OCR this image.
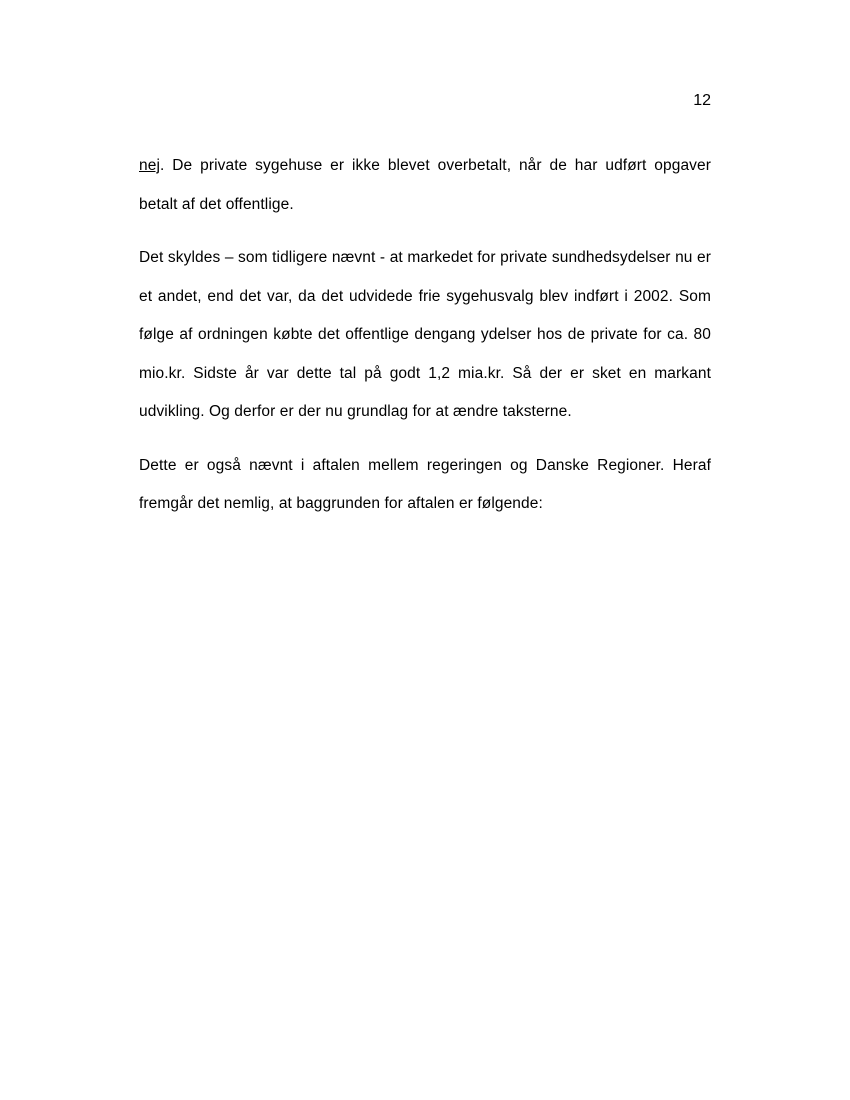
12

nej. De private sygehuse er ikke blevet overbetalt, når de har udført opgaver betalt af det offentlige.

Det skyldes – som tidligere nævnt - at markedet for private sundhedsydelser nu er et andet, end det var, da det udvidede frie sygehusvalg blev indført i 2002. Som følge af ordningen købte det offentlige dengang ydelser hos de private for ca. 80 mio.kr. Sidste år var dette tal på godt 1,2 mia.kr. Så der er sket en markant udvikling. Og derfor er der nu grundlag for at ændre taksterne.

Dette er også nævnt i aftalen mellem regeringen og Danske Regioner. Heraf fremgår det nemlig, at baggrunden for aftalen er følgende:
